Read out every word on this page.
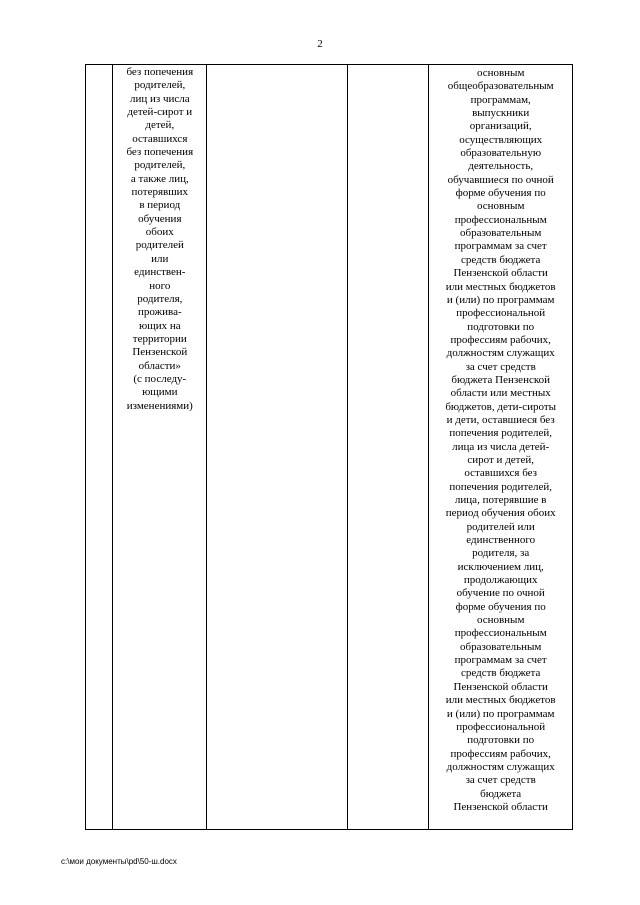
2

без попечения
родителей,
лиц из числа
детей-сирот и
детей,
оставшихся
без попечения
родителей,
а также лиц,
потерявших
в период
обучения
обоих
родителей
или
единствен-
ного
родителя,
прожива-
ющих на
территории
Пензенской
области»
(с последу-
ющими
изменениями)

основным
общеобразовательным
программам,
выпускники
организаций,
осуществляющих
образовательную
деятельность,
обучавшиеся по очной
форме обучения по
основным
профессиональным
образовательным
программам за счет
средств бюджета
Пензенской области
или местных бюджетов
и (или) по программам
профессиональной
подготовки по
профессиям рабочих,
должностям служащих
за счет средств
бюджета Пензенской
области или местных
бюджетов, дети-сироты
и дети, оставшиеся без
попечения родителей,
лица из числа детей-
сирот и детей,
оставшихся без
попечения родителей,
лица, потерявшие в
период обучения обоих
родителей или
единственного
родителя, за
исключением лиц,
продолжающих
обучение по очной
форме обучения по
основным
профессиональным
образовательным
программам за счет
средств бюджета
Пензенской области
или местных бюджетов
и (или) по программам
профессиональной
подготовки по
профессиям рабочих,
должностям служащих
за счет средств
бюджета
Пензенской области
c:\мои документы\pd\50-ш.docx
